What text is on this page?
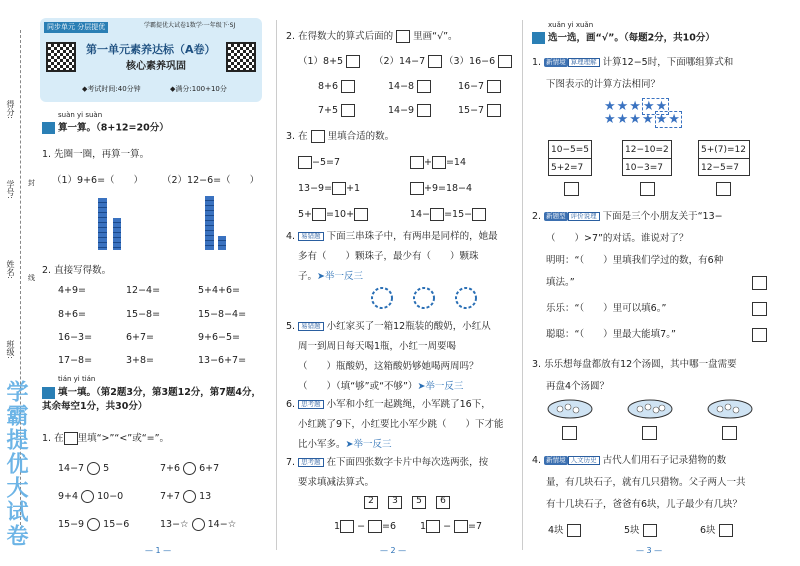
得分:
学号: 封
姓名: 线
班级:
学霸提优大试卷
同步单元 分层提优	学霸提优大试卷1数学·一年级下·SJ
第一单元素养达标（A卷）
核心素养巩固
◆考试时间:40分钟	◆满分:100+10分
suàn yi suàn
算一算。（8+12=20分）
1. 先圈一圈，再算一算。
（1）9+6=（　　） （2）12−6=（　　）
2. 直接写得数。
4+9=	12−4=	5+4+6=
8+6=	15−8=	15−8−4=
16−3=	6+7=	9+6−5=
17−8=	3+8=	13−6+7=
tián yi tián
填一填。（第2题3分，第3题12分，第7题4分，其余每空1分，共30分）
1. 在 里填“>”“<”或“=”。
14−7 5	7+6 6+7
9+4 10−0	7+7 13
15−9 15−6	13−☆ 14−☆
— 1 —
2. 在得数大的算式后面的 里画“√”。
（1）8+5	（2）14−7	（3）16−6
8+6	14−8	16−7
7+5	14−9	15−7
3. 在 里填合适的数。
−5=7	+ =14
13−9= +1	+9=18−4
5+ =10+	14− =15−
4. 易错题 下面三串珠子中，有两串是同样的，她最
多有（　　）颗珠子，最少有（　　）颗珠
子。➤举一反三
5. 易错题 小红家买了一箱12瓶装的酸奶，小红从
周一到周日每天喝1瓶，小红一周要喝
（　　）瓶酸奶，这箱酸奶够她喝两周吗？
（　　）（填“够”或“不够”）➤举一反三
6. 思考题 小军和小红一起跳绳，小军跳了16下，
小红跳了9下，小红要比小军少跳（　　）下才能
比小军多。➤举一反三
7. 思考题 在下面四张数字卡片中每次选两张，按
要求填减法算式。
2 3 5 6
1 − =6	1 − =7
— 2 —
xuǎn yi xuǎn
选一选，画“√”。（每题2分，共10分）
1. 新情境 算理理解 计算12−5时，下面哪组算式和
下图表示的计算方法相同？
★★★★★
★★★★★★
10−5=5
5+2=7
12−10=2
10−3=7
5+(7)=12
12−5=7
2. 新题型 评价说理 下面是三个小朋友关于“13−
（　　）>7”的对话。谁说对了？
明明：“（　　）里填我们学过的数，有6种
填法。”
乐乐：“（　　）里可以填6。”
聪聪：“（　　）里最大能填7。”
3. 乐乐想每盘都放有12个汤圆，其中哪一盘需要
再盘4个汤圆？
4. 新情境 人文历史 古代人们用石子记录猎物的数
量，有几块石子，就有几只猎物。父子两人一共
有十几块石子，爸爸有6块，儿子最少有几块？
4块	5块	6块
— 3 —
